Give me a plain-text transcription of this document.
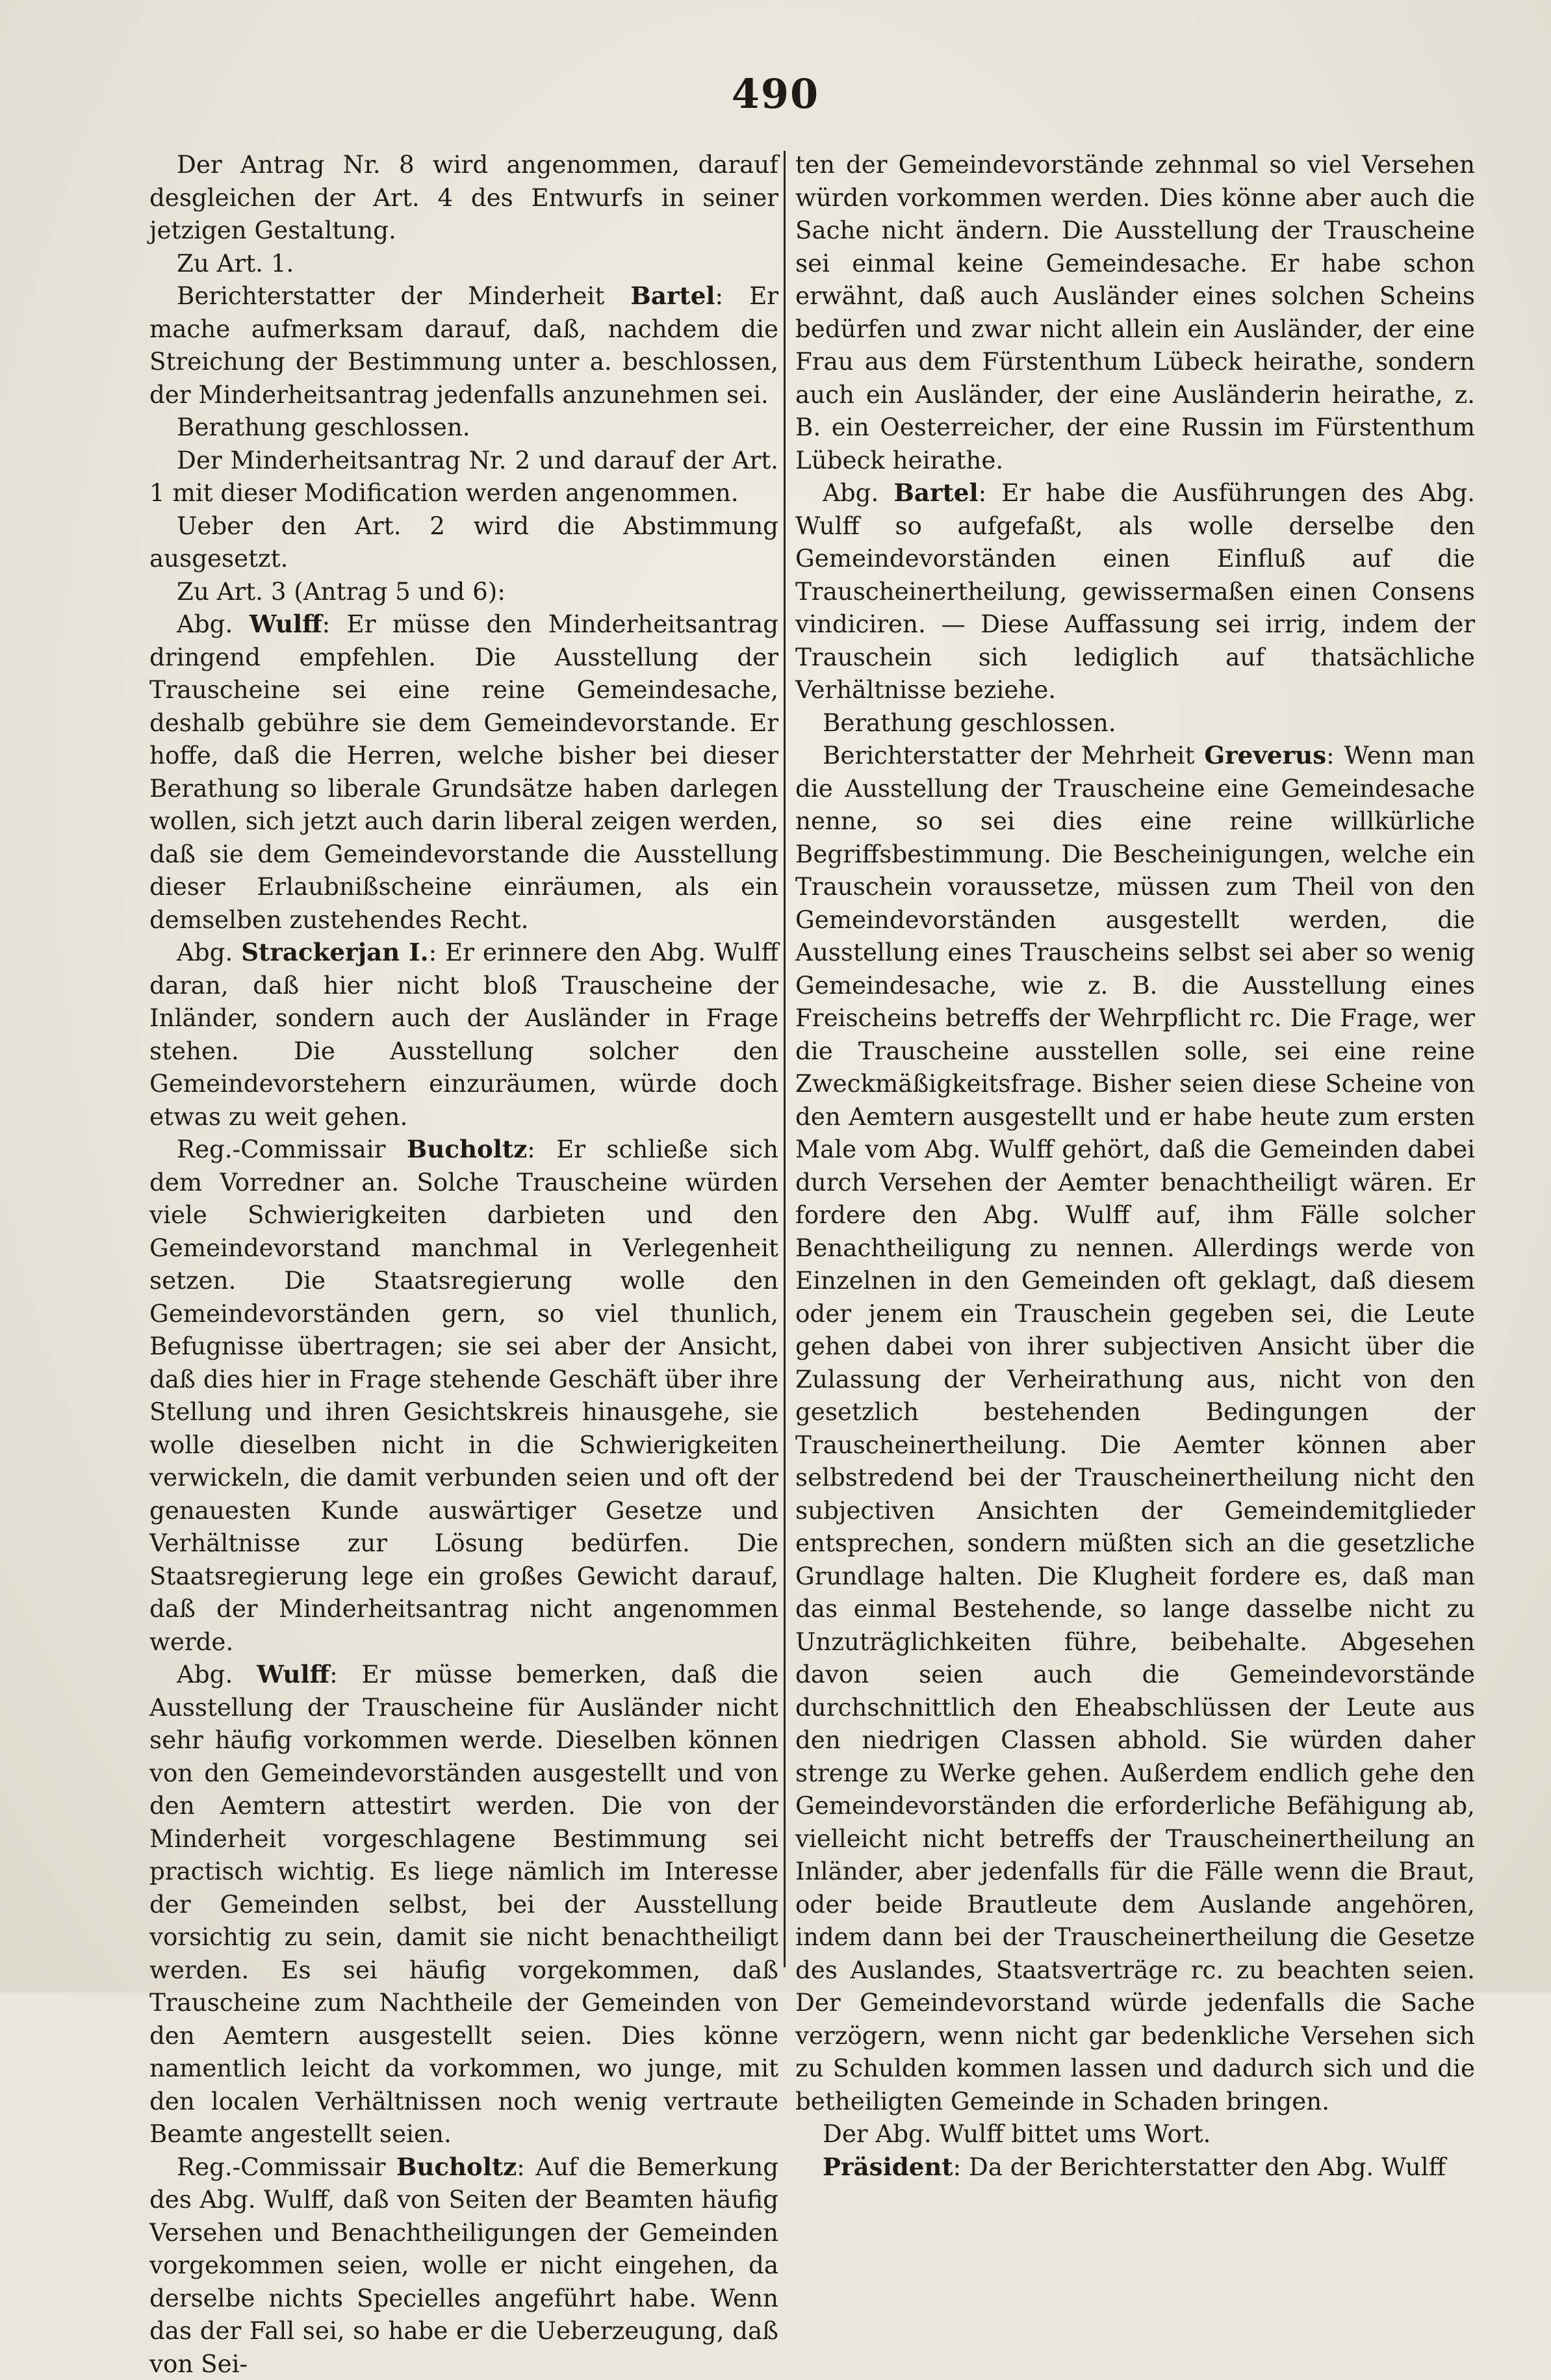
490

Der Antrag Nr. 8 wird angenommen, darauf desgleichen der Art. 4 des Entwurfs in seiner jetzigen Gestaltung.

Zu Art. 1.

Berichterstatter der Minderheit Bartel: Er mache aufmerksam darauf, daß, nachdem die Streichung der Bestimmung unter a. beschlossen, der Minderheitsantrag jedenfalls anzunehmen sei.

Berathung geschlossen.

Der Minderheitsantrag Nr. 2 und darauf der Art. 1 mit dieser Modification werden angenommen.

Ueber den Art. 2 wird die Abstimmung ausgesetzt.

Zu Art. 3 (Antrag 5 und 6):

Abg. Wulff: Er müsse den Minderheitsantrag dringend empfehlen. Die Ausstellung der Trauscheine sei eine reine Gemeindesache, deshalb gebühre sie dem Gemeindevorstande. Er hoffe, daß die Herren, welche bisher bei dieser Berathung so liberale Grundsätze haben darlegen wollen, sich jetzt auch darin liberal zeigen werden, daß sie dem Gemeindevorstande die Ausstellung dieser Erlaubnißscheine einräumen, als ein demselben zustehendes Recht.

Abg. Strackerjan I.: Er erinnere den Abg. Wulff daran, daß hier nicht bloß Trauscheine der Inländer, sondern auch der Ausländer in Frage stehen. Die Ausstellung solcher den Gemeindevorstehern einzuräumen, würde doch etwas zu weit gehen.

Reg.-Commissair Bucholtz: Er schließe sich dem Vorredner an. Solche Trauscheine würden viele Schwierigkeiten darbieten und den Gemeindevorstand manchmal in Verlegenheit setzen. Die Staatsregierung wolle den Gemeindevorständen gern, so viel thunlich, Befugnisse übertragen; sie sei aber der Ansicht, daß dies hier in Frage stehende Geschäft über ihre Stellung und ihren Gesichtskreis hinausgehe, sie wolle dieselben nicht in die Schwierigkeiten verwickeln, die damit verbunden seien und oft der genauesten Kunde auswärtiger Gesetze und Verhältnisse zur Lösung bedürfen. Die Staatsregierung lege ein großes Gewicht darauf, daß der Minderheitsantrag nicht angenommen werde.

Abg. Wulff: Er müsse bemerken, daß die Ausstellung der Trauscheine für Ausländer nicht sehr häufig vorkommen werde. Dieselben können von den Gemeindevorständen ausgestellt und von den Aemtern attestirt werden. Die von der Minderheit vorgeschlagene Bestimmung sei practisch wichtig. Es liege nämlich im Interesse der Gemeinden selbst, bei der Ausstellung vorsichtig zu sein, damit sie nicht benachtheiligt werden. Es sei häufig vorgekommen, daß Trauscheine zum Nachtheile der Gemeinden von den Aemtern ausgestellt seien. Dies könne namentlich leicht da vorkommen, wo junge, mit den localen Verhältnissen noch wenig vertraute Beamte angestellt seien.

Reg.-Commissair Bucholtz: Auf die Bemerkung des Abg. Wulff, daß von Seiten der Beamten häufig Versehen und Benachtheiligungen der Gemeinden vorgekommen seien, wolle er nicht eingehen, da derselbe nichts Specielles angeführt habe. Wenn das der Fall sei, so habe er die Ueberzeugung, daß von Sei-

ten der Gemeindevorstände zehnmal so viel Versehen würden vorkommen werden. Dies könne aber auch die Sache nicht ändern. Die Ausstellung der Trauscheine sei einmal keine Gemeindesache. Er habe schon erwähnt, daß auch Ausländer eines solchen Scheins bedürfen und zwar nicht allein ein Ausländer, der eine Frau aus dem Fürstenthum Lübeck heirathe, sondern auch ein Ausländer, der eine Ausländerin heirathe, z. B. ein Oesterreicher, der eine Russin im Fürstenthum Lübeck heirathe.

Abg. Bartel: Er habe die Ausführungen des Abg. Wulff so aufgefaßt, als wolle derselbe den Gemeindevorständen einen Einfluß auf die Trauscheinertheilung, gewissermaßen einen Consens vindiciren. — Diese Auffassung sei irrig, indem der Trauschein sich lediglich auf thatsächliche Verhältnisse beziehe.

Berathung geschlossen.

Berichterstatter der Mehrheit Greverus: Wenn man die Ausstellung der Trauscheine eine Gemeindesache nenne, so sei dies eine reine willkürliche Begriffsbestimmung. Die Bescheinigungen, welche ein Trauschein voraussetze, müssen zum Theil von den Gemeindevorständen ausgestellt werden, die Ausstellung eines Trauscheins selbst sei aber so wenig Gemeindesache, wie z. B. die Ausstellung eines Freischeins betreffs der Wehrpflicht rc. Die Frage, wer die Trauscheine ausstellen solle, sei eine reine Zweckmäßigkeitsfrage. Bisher seien diese Scheine von den Aemtern ausgestellt und er habe heute zum ersten Male vom Abg. Wulff gehört, daß die Gemeinden dabei durch Versehen der Aemter benachtheiligt wären. Er fordere den Abg. Wulff auf, ihm Fälle solcher Benachtheiligung zu nennen. Allerdings werde von Einzelnen in den Gemeinden oft geklagt, daß diesem oder jenem ein Trauschein gegeben sei, die Leute gehen dabei von ihrer subjectiven Ansicht über die Zulassung der Verheirathung aus, nicht von den gesetzlich bestehenden Bedingungen der Trauscheinertheilung. Die Aemter können aber selbstredend bei der Trauscheinertheilung nicht den subjectiven Ansichten der Gemeindemitglieder entsprechen, sondern müßten sich an die gesetzliche Grundlage halten. Die Klugheit fordere es, daß man das einmal Bestehende, so lange dasselbe nicht zu Unzuträglichkeiten führe, beibehalte. Abgesehen davon seien auch die Gemeindevorstände durchschnittlich den Eheabschlüssen der Leute aus den niedrigen Classen abhold. Sie würden daher strenge zu Werke gehen. Außerdem endlich gehe den Gemeindevorständen die erforderliche Befähigung ab, vielleicht nicht betreffs der Trauscheinertheilung an Inländer, aber jedenfalls für die Fälle wenn die Braut, oder beide Brautleute dem Auslande angehören, indem dann bei der Trauscheinertheilung die Gesetze des Auslandes, Staatsverträge rc. zu beachten seien. Der Gemeindevorstand würde jedenfalls die Sache verzögern, wenn nicht gar bedenkliche Versehen sich zu Schulden kommen lassen und dadurch sich und die betheiligten Gemeinde in Schaden bringen.

Der Abg. Wulff bittet ums Wort.

Präsident: Da der Berichterstatter den Abg. Wulff
